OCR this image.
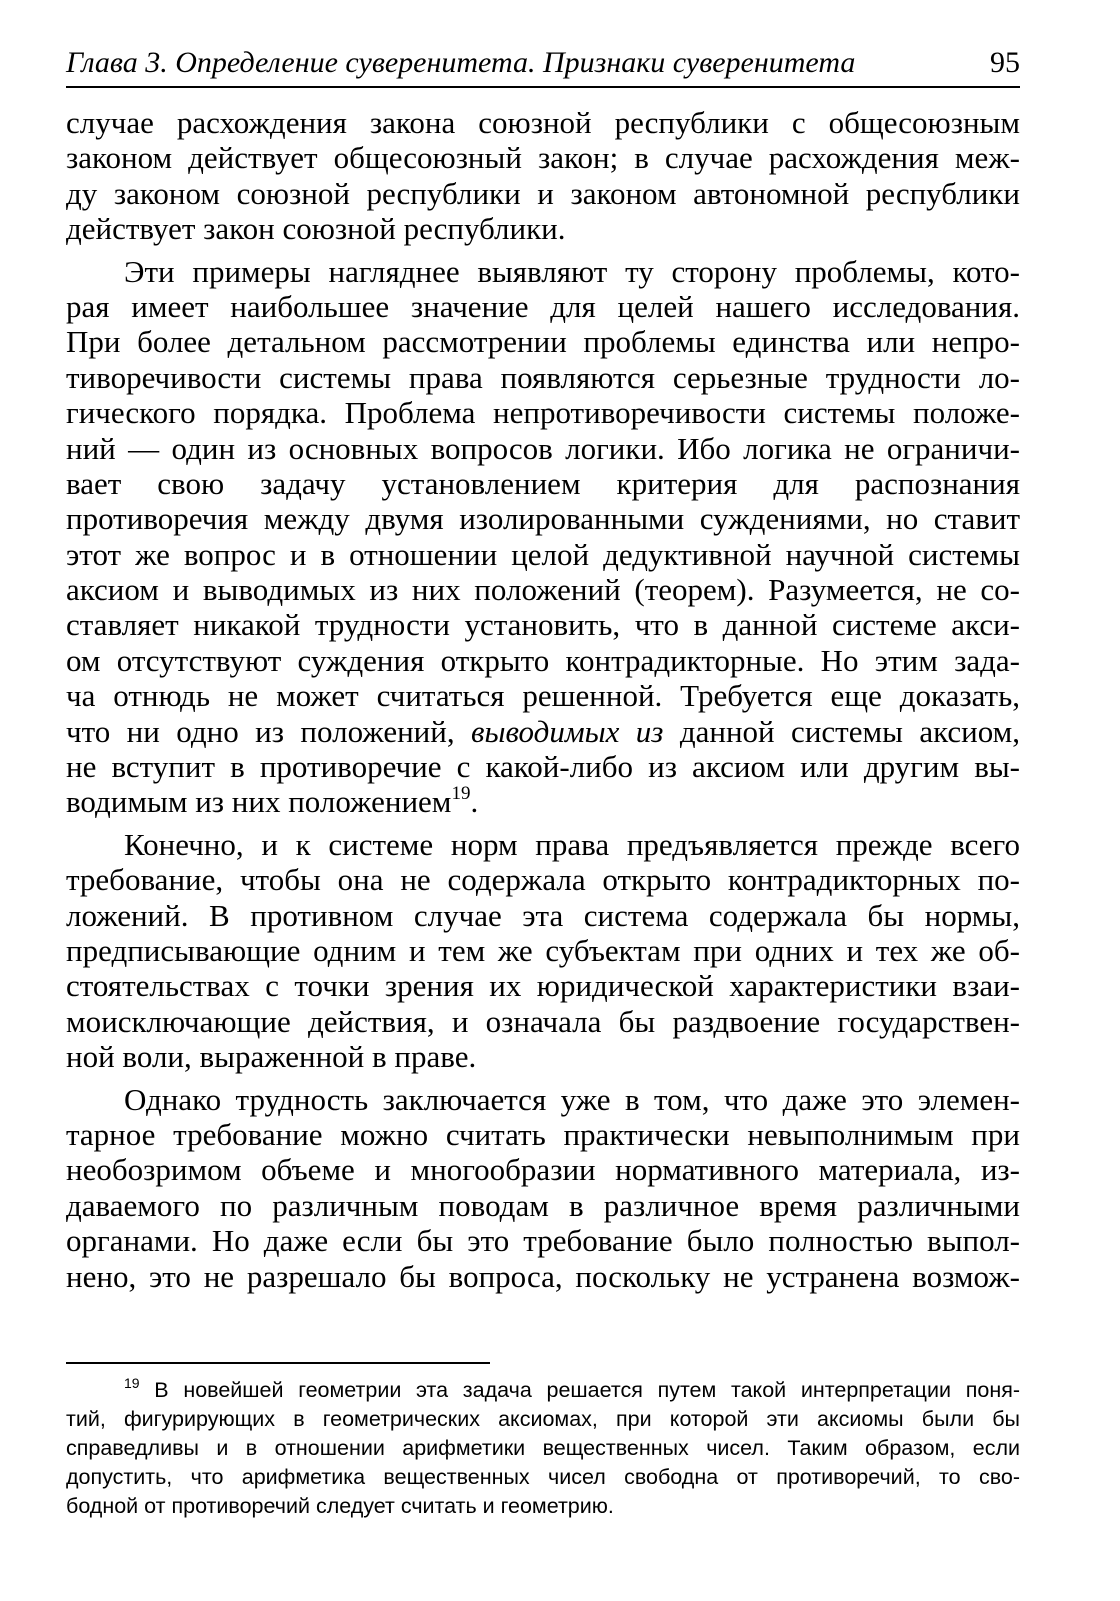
Глава 3. Определение суверенитета. Признаки суверенитета	95
случае расхождения закона союзной республики с общесоюзным
законом действует общесоюзный закон; в случае расхождения меж-
ду законом союзной республики и законом автономной республики
действует закон союзной республики.
Эти примеры нагляднее выявляют ту сторону проблемы, кото-
рая имеет наибольшее значение для целей нашего исследования.
При более детальном рассмотрении проблемы единства или непро-
тиворечивости системы права появляются серьезные трудности ло-
гического порядка. Проблема непротиворечивости системы положе-
ний — один из основных вопросов логики. Ибо логика не ограничи-
вает свою задачу установлением критерия для распознания
противоречия между двумя изолированными суждениями, но ставит
этот же вопрос и в отношении целой дедуктивной научной системы
аксиом и выводимых из них положений (теорем). Разумеется, не со-
ставляет никакой трудности установить, что в данной системе акси-
ом отсутствуют суждения открыто контрадикторные. Но этим зада-
ча отнюдь не может считаться решенной. Требуется еще доказать,
что ни одно из положений, выводимых из данной системы аксиом,
не вступит в противоречие с какой-либо из аксиом или другим вы-
водимым из них положением$^{19}$.
Конечно, и к системе норм права предъявляется прежде всего
требование, чтобы она не содержала открыто контрадикторных по-
ложений. В противном случае эта система содержала бы нормы,
предписывающие одним и тем же субъектам при одних и тех же об-
стоятельствах с точки зрения их юридической характеристики взаи-
моисключающие действия, и означала бы раздвоение государствен-
ной воли, выраженной в праве.
Однако трудность заключается уже в том, что даже это элемен-
тарное требование можно считать практически невыполнимым при
необозримом объеме и многообразии нормативного материала, из-
даваемого по различным поводам в различное время различными
органами. Но даже если бы это требование было полностью выпол-
нено, это не разрешало бы вопроса, поскольку не устранена возмож-
$^{19}$ В новейшей геометрии эта задача решается путем такой интерпретации поня-
тий, фигурирующих в геометрических аксиомах, при которой эти аксиомы были бы
справедливы и в отношении арифметики вещественных чисел. Таким образом, если
допустить, что арифметика вещественных чисел свободна от противоречий, то сво-
бодной от противоречий следует считать и геометрию.
